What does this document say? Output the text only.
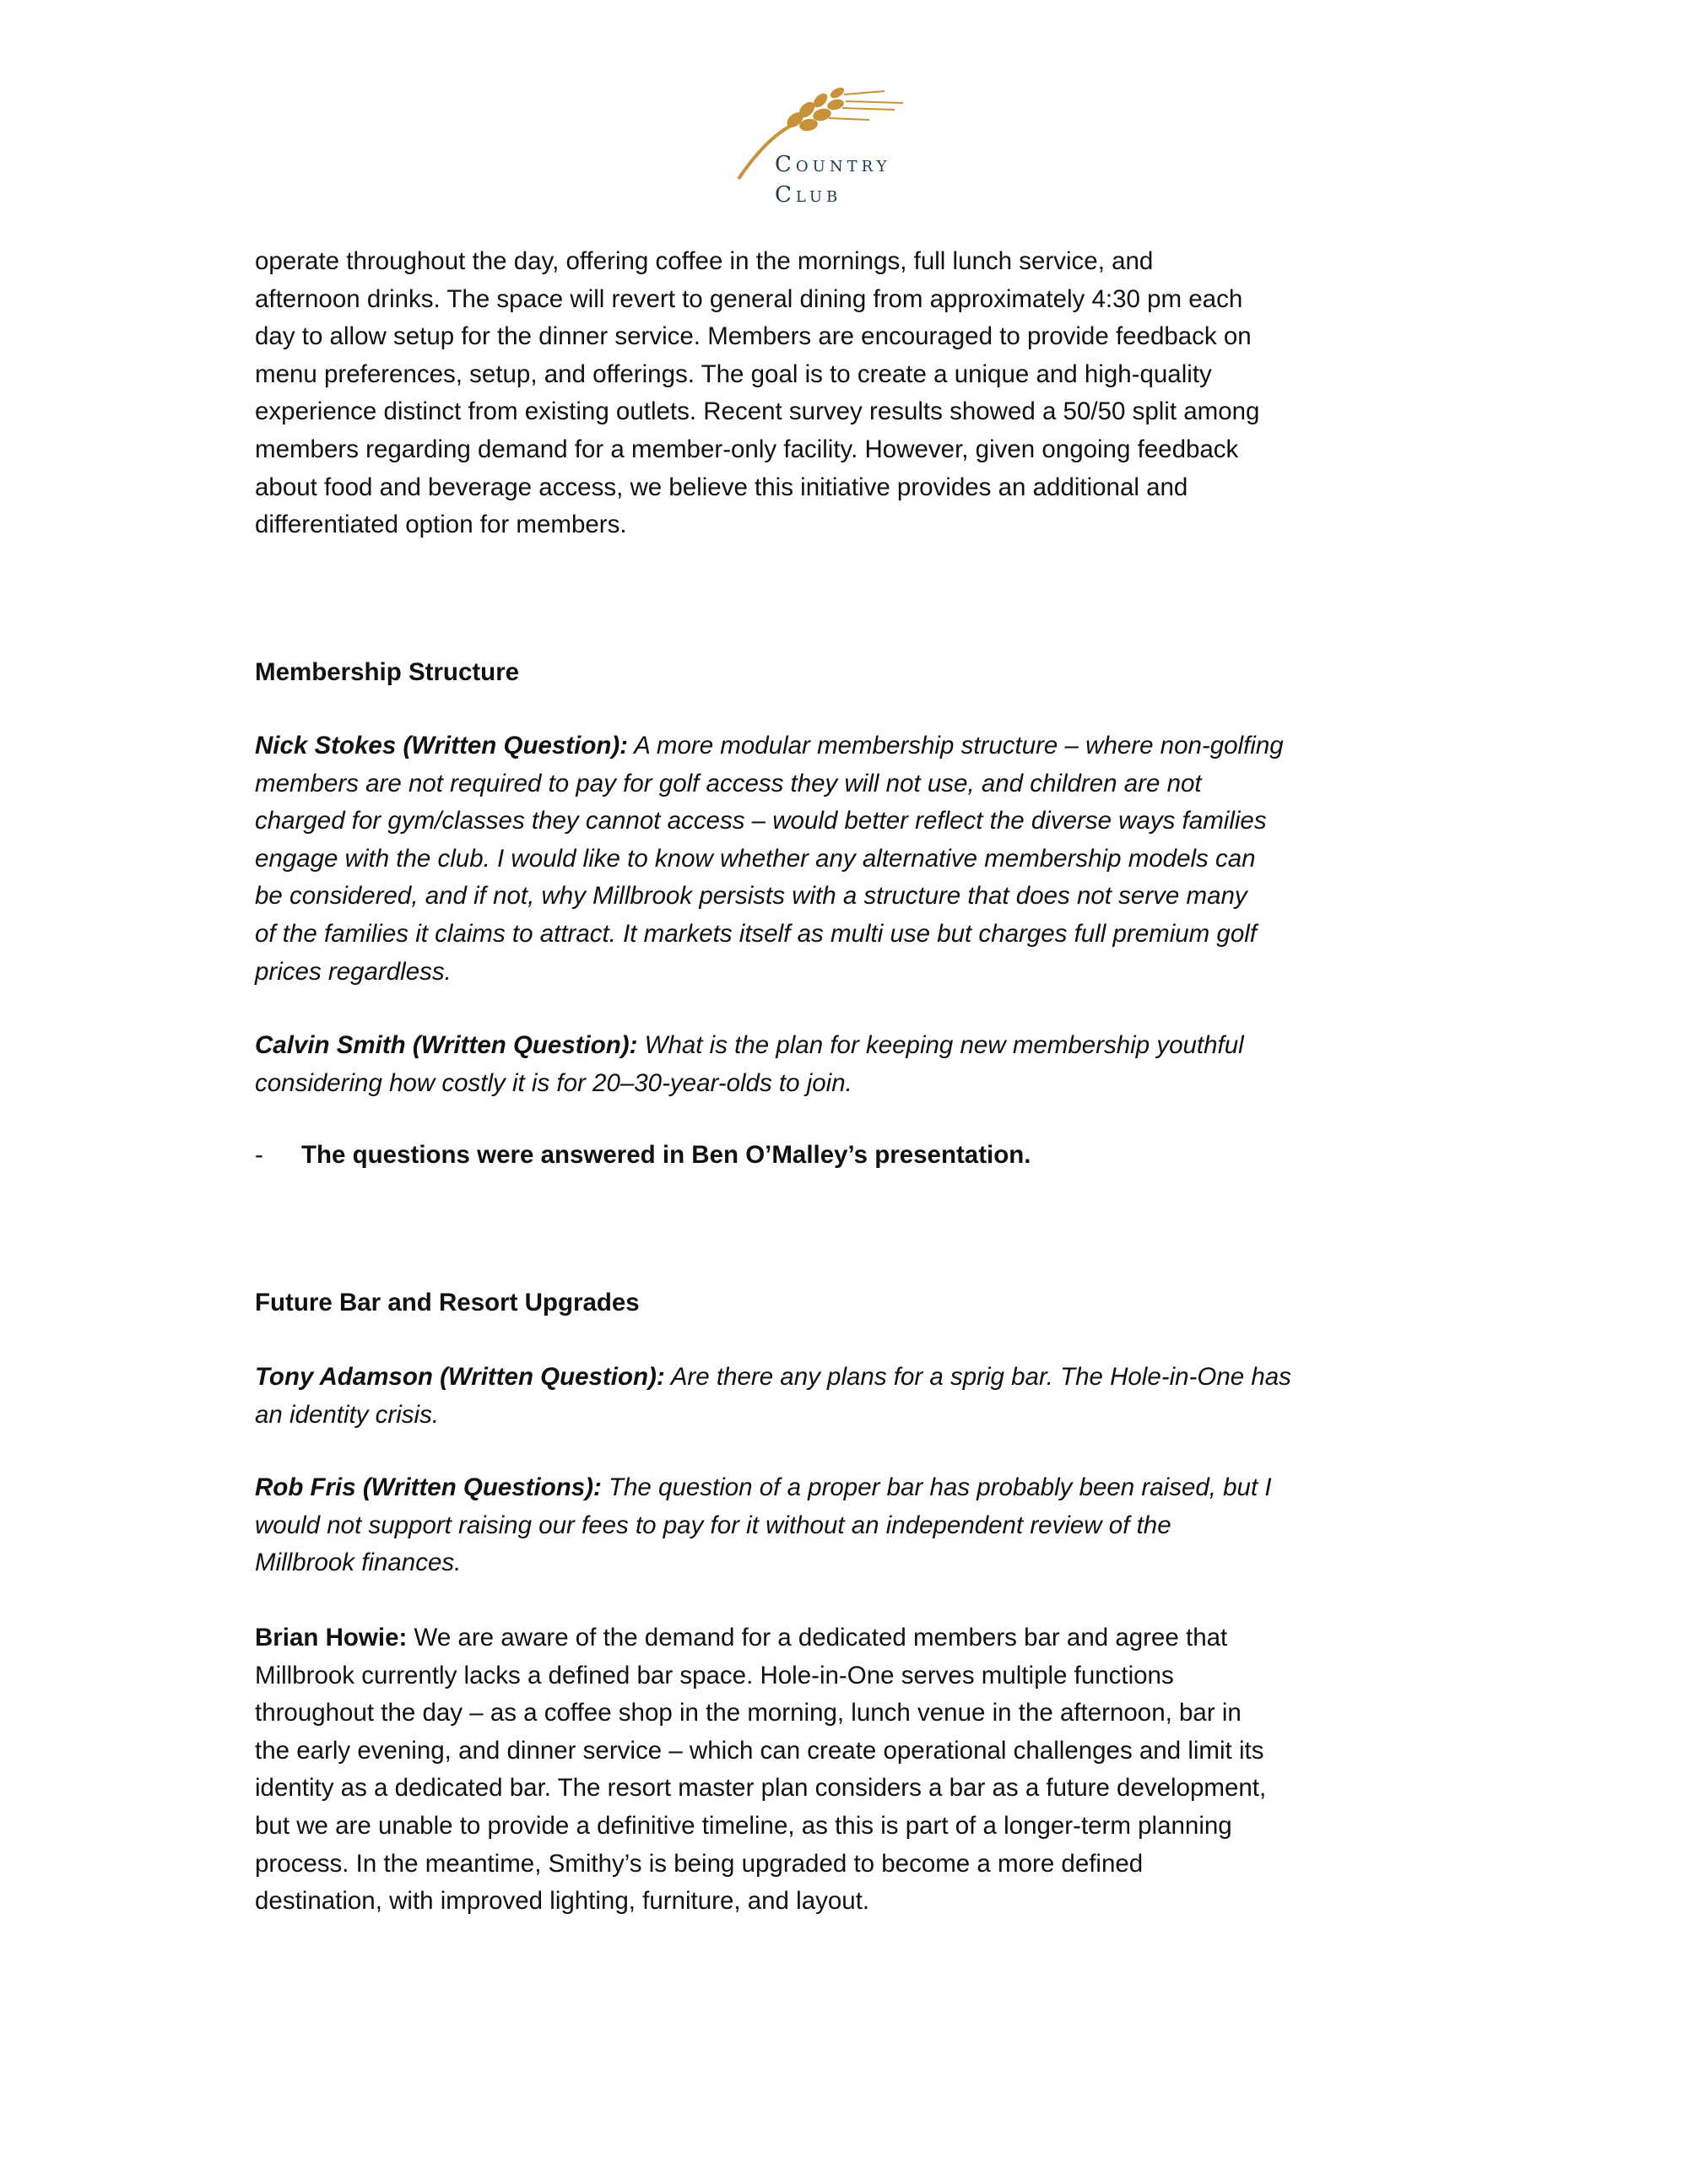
Country
Club
operate throughout the day, offering coffee in the mornings, full lunch service, and
afternoon drinks. The space will revert to general dining from approximately 4:30 pm each
day to allow setup for the dinner service. Members are encouraged to provide feedback on
menu preferences, setup, and offerings. The goal is to create a unique and high-quality
experience distinct from existing outlets. Recent survey results showed a 50/50 split among
members regarding demand for a member-only facility. However, given ongoing feedback
about food and beverage access, we believe this initiative provides an additional and
differentiated option for members.
Membership Structure
Nick Stokes (Written Question): A more modular membership structure – where non-golfing
members are not required to pay for golf access they will not use, and children are not
charged for gym/classes they cannot access – would better reflect the diverse ways families
engage with the club. I would like to know whether any alternative membership models can
be considered, and if not, why Millbrook persists with a structure that does not serve many
of the families it claims to attract. It markets itself as multi use but charges full premium golf
prices regardless.
Calvin Smith (Written Question): What is the plan for keeping new membership youthful
considering how costly it is for 20–30-year-olds to join.
- The questions were answered in Ben O’Malley’s presentation.
Future Bar and Resort Upgrades
Tony Adamson (Written Question): Are there any plans for a sprig bar. The Hole-in-One has
an identity crisis.
Rob Fris (Written Questions): The question of a proper bar has probably been raised, but I
would not support raising our fees to pay for it without an independent review of the
Millbrook finances.
Brian Howie: We are aware of the demand for a dedicated members bar and agree that
Millbrook currently lacks a defined bar space. Hole-in-One serves multiple functions
throughout the day – as a coffee shop in the morning, lunch venue in the afternoon, bar in
the early evening, and dinner service – which can create operational challenges and limit its
identity as a dedicated bar. The resort master plan considers a bar as a future development,
but we are unable to provide a definitive timeline, as this is part of a longer-term planning
process. In the meantime, Smithy’s is being upgraded to become a more defined
destination, with improved lighting, furniture, and layout.
